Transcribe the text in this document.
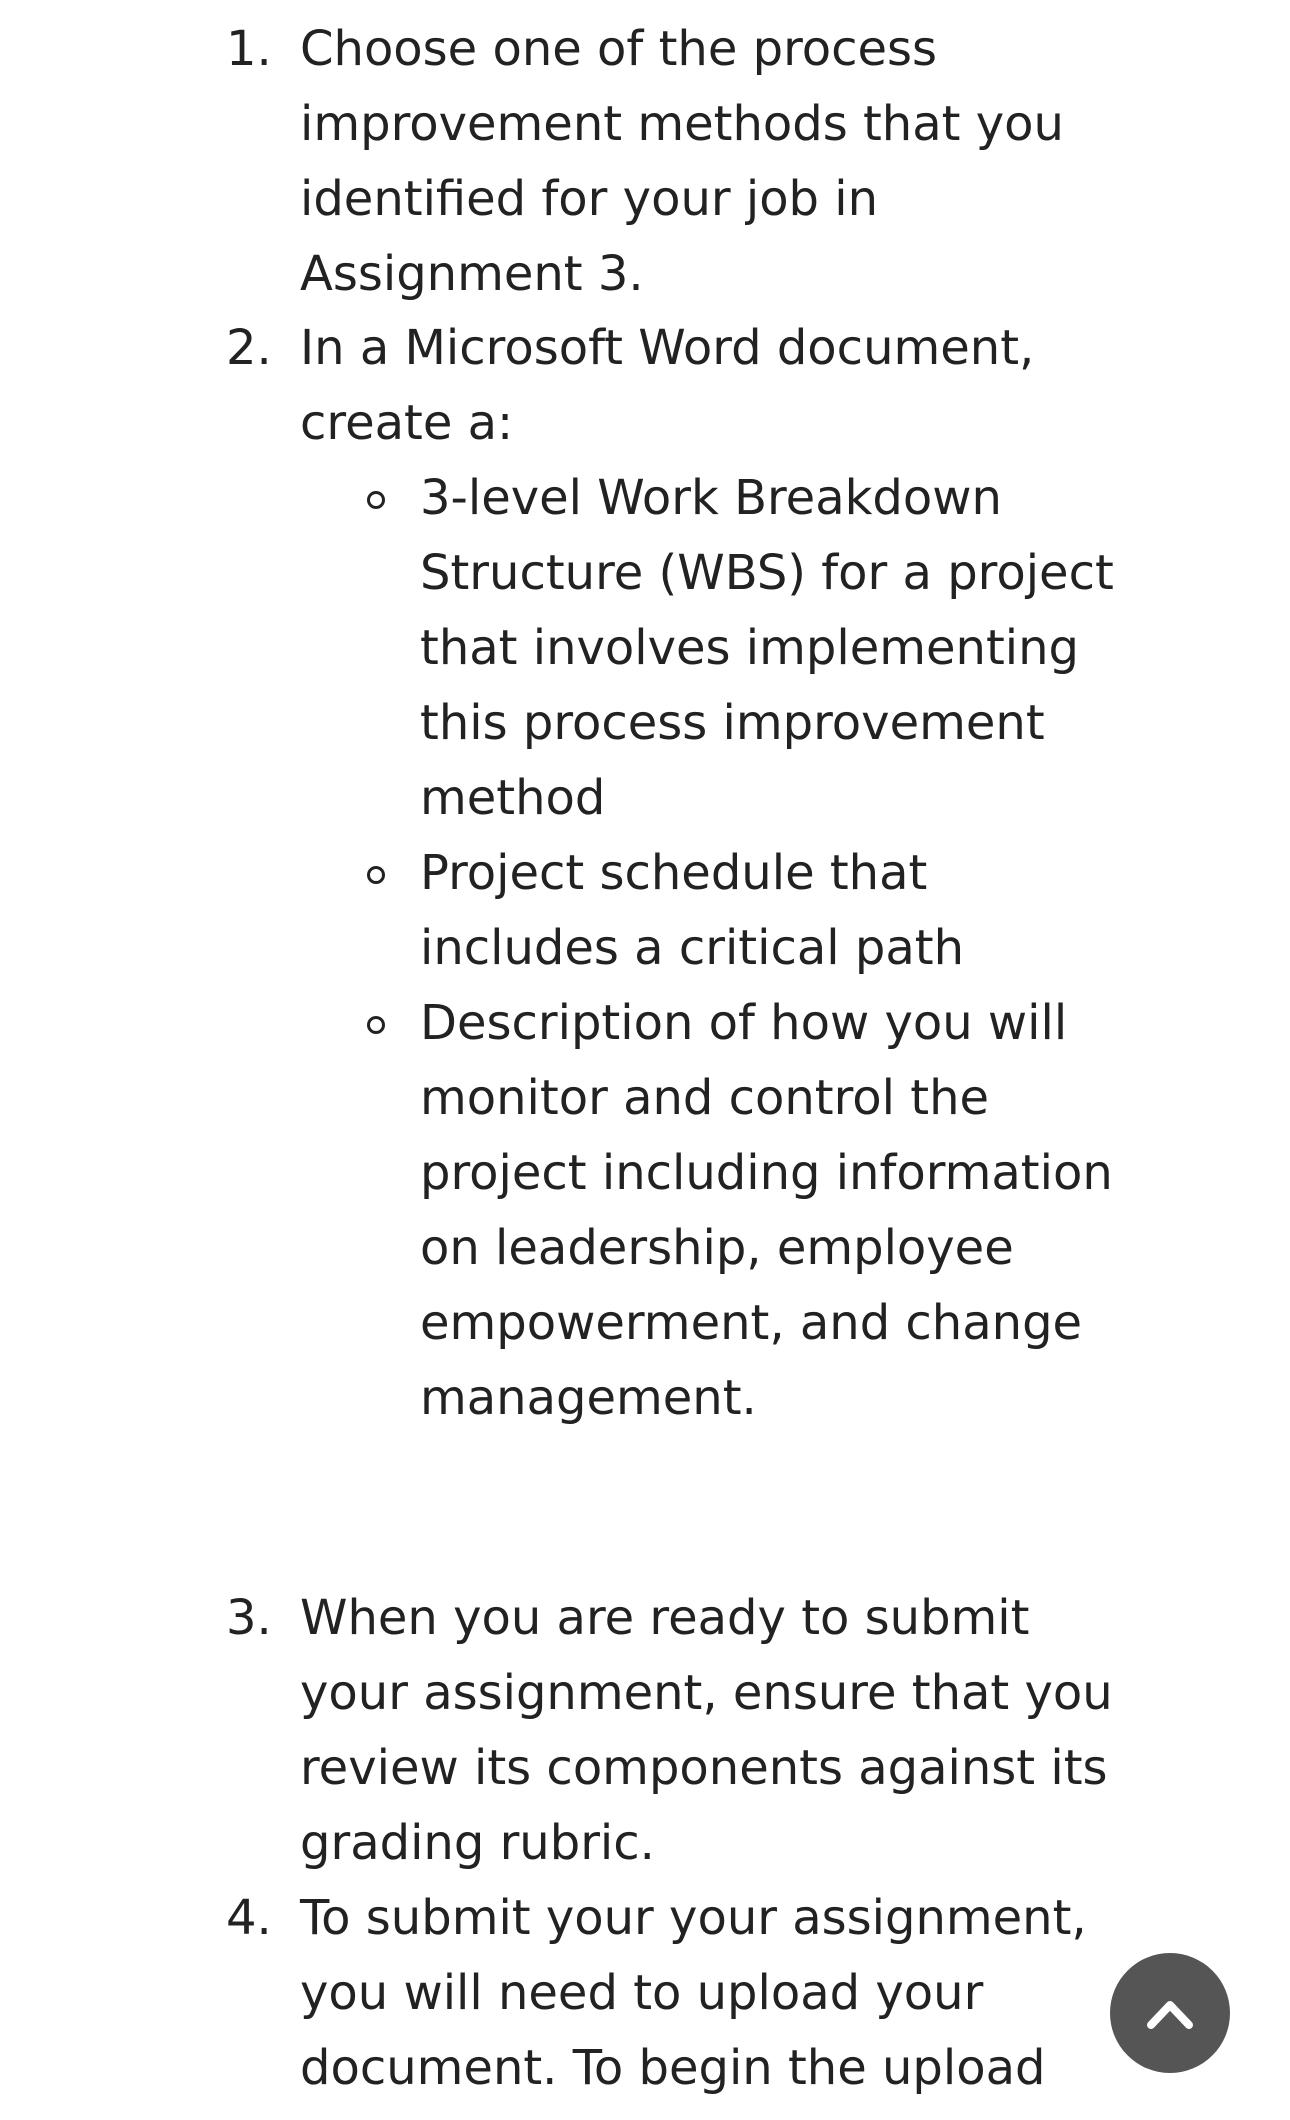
1. Choose one of the process improvement methods that you identified for your job in Assignment 3.
2. In a Microsoft Word document, create a:
3-level Work Breakdown Structure (WBS) for a project that involves implementing this process improvement method
Project schedule that includes a critical path
Description of how you will monitor and control the project including information on leadership, employee empowerment, and change management.
3. When you are ready to submit your assignment, ensure that you review its components against its grading rubric.
4. To submit your your assignment, you will need to upload your document. To begin the upload
